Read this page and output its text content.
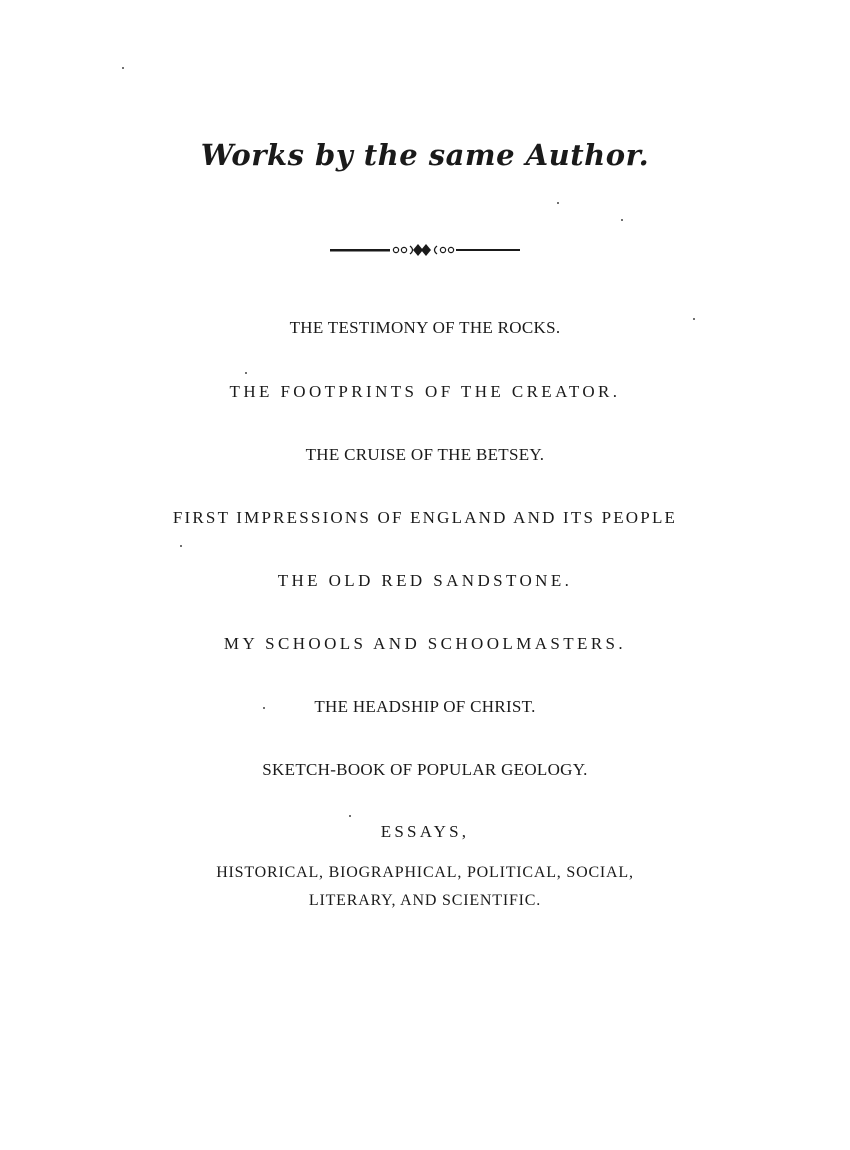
Works by the same Author.
THE TESTIMONY OF THE ROCKS.
THE FOOTPRINTS OF THE CREATOR.
THE CRUISE OF THE BETSEY.
FIRST IMPRESSIONS OF ENGLAND AND ITS PEOPLE
THE OLD RED SANDSTONE.
MY SCHOOLS AND SCHOOLMASTERS.
THE HEADSHIP OF CHRIST.
SKETCH-BOOK OF POPULAR GEOLOGY.
ESSAYS,
HISTORICAL, BIOGRAPHICAL, POLITICAL, SOCIAL,
LITERARY, AND SCIENTIFIC.
